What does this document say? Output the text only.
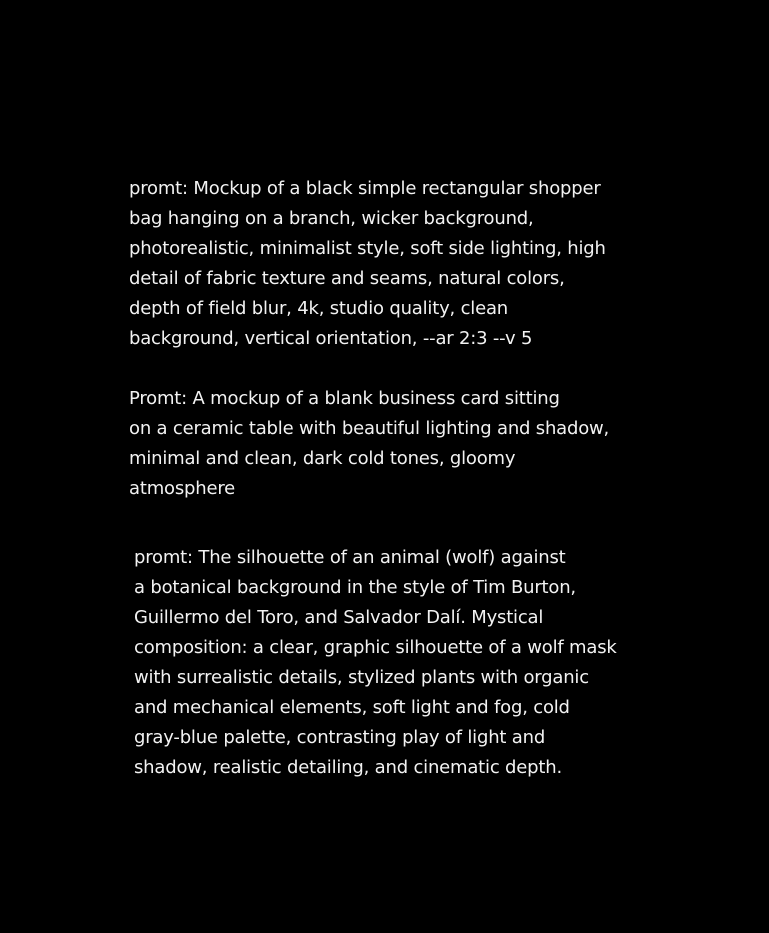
promt: Mockup of a black simple rectangular shopper
bag hanging on a branch, wicker background,
photorealistic, minimalist style, soft side lighting, high
detail of fabric texture and seams, natural colors,
depth of field blur, 4k, studio quality, clean
background, vertical orientation, --ar 2:3 --v 5

Promt: A mockup of a blank business card sitting
on a ceramic table with beautiful lighting and shadow,
minimal and clean, dark cold tones, gloomy
atmosphere

promt: The silhouette of an animal (wolf) against
a botanical background in the style of Tim Burton,
Guillermo del Toro, and Salvador Dalí. Mystical
composition: a clear, graphic silhouette of a wolf mask
with surrealistic details, stylized plants with organic
and mechanical elements, soft light and fog, cold
gray-blue palette, contrasting play of light and
shadow, realistic detailing, and cinematic depth.
